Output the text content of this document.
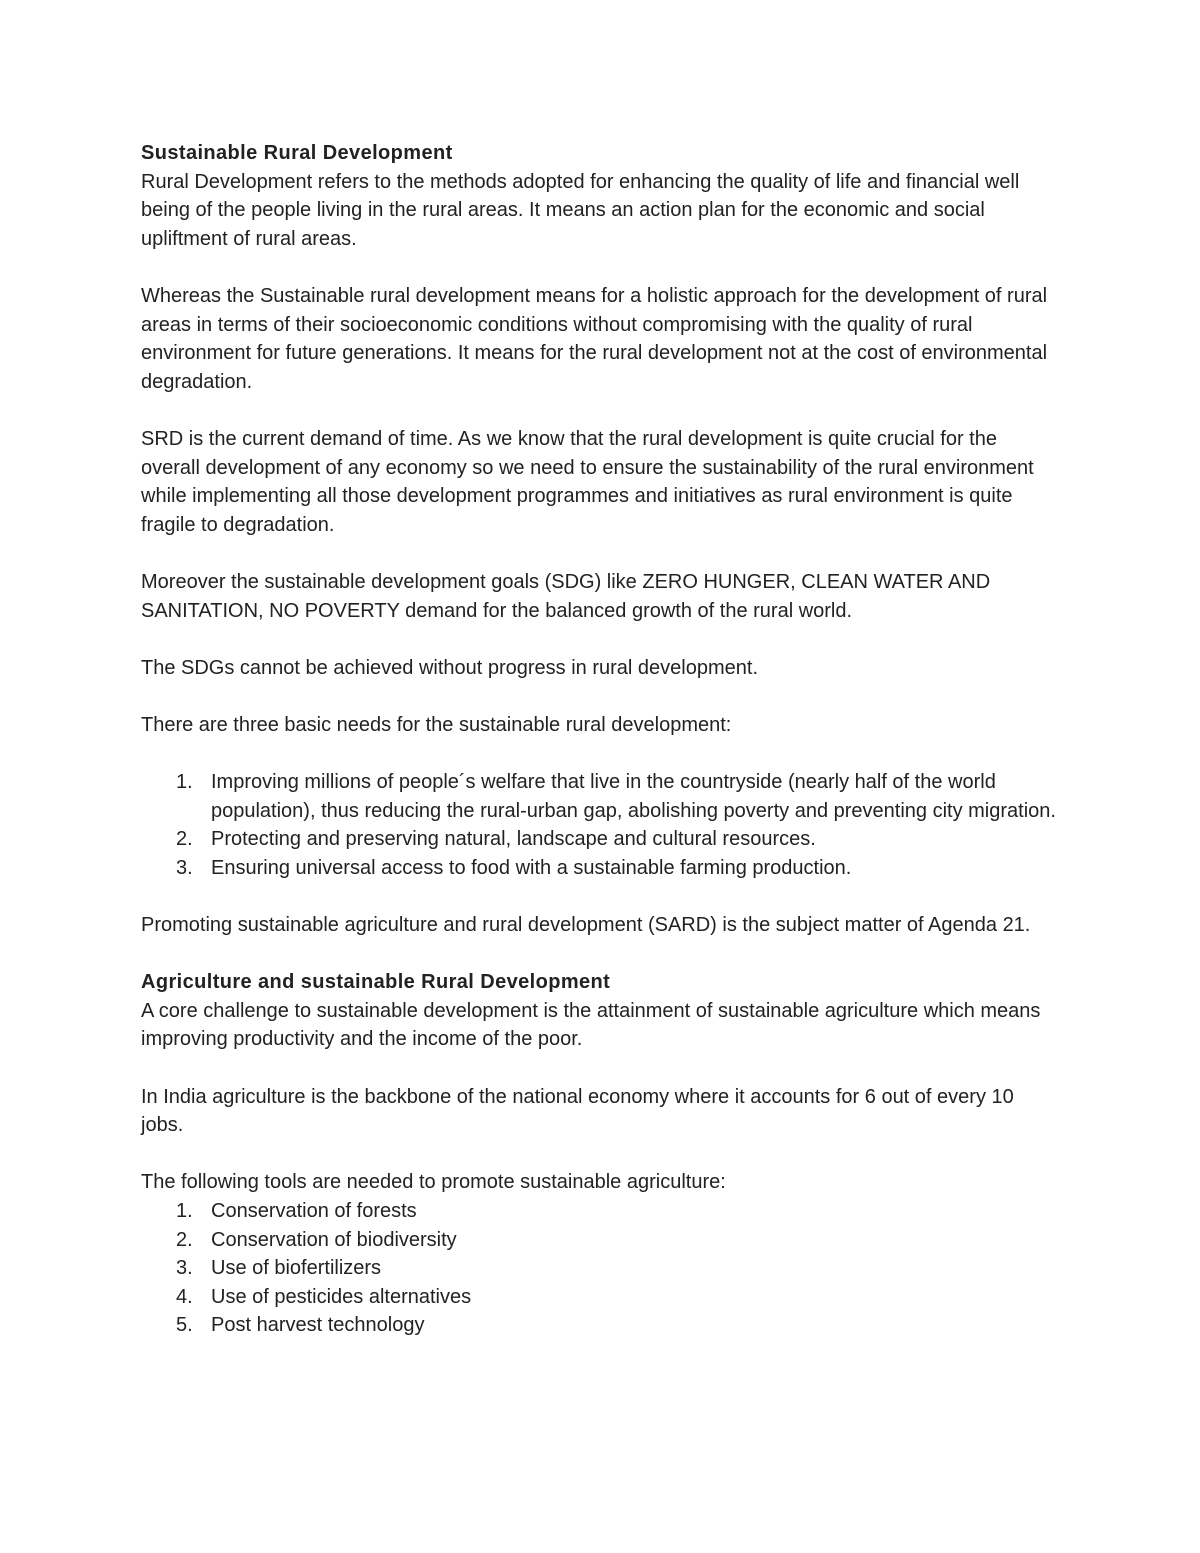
Sustainable Rural Development

Rural Development refers to the methods adopted for enhancing the quality of life and financial well being of the people living in the rural areas. It means an action plan for the economic and social upliftment of rural areas.

Whereas the Sustainable rural development means for a holistic approach for the development of rural areas in terms of their socioeconomic conditions without compromising with the quality of rural environment for future generations. It means for the rural development not at the cost of environmental degradation.

SRD is the current demand of time. As we know that the rural development is quite crucial for the overall development of any economy so we need to ensure the sustainability of the rural environment while implementing all those development programmes and initiatives as rural environment is quite fragile to degradation.

Moreover the sustainable development goals (SDG) like ZERO HUNGER, CLEAN WATER AND SANITATION, NO POVERTY demand for the balanced growth of the rural world.

The SDGs cannot be achieved without progress in rural development.

There are three basic needs for the sustainable rural development:

1. Improving millions of people´s welfare that live in the countryside (nearly half of the world population), thus reducing the rural-urban gap, abolishing poverty and preventing city migration.
2. Protecting and preserving natural, landscape and cultural resources.
3. Ensuring universal access to food with a sustainable farming production.

Promoting sustainable agriculture and rural development (SARD) is the subject matter of Agenda 21.

Agriculture and sustainable Rural Development

A core challenge to sustainable development is the attainment of sustainable agriculture which means improving productivity and the income of the poor.

In India agriculture is the backbone of the national economy where it accounts for 6 out of every 10 jobs.

The following tools are needed to promote sustainable agriculture:

1. Conservation of forests
2. Conservation of biodiversity
3. Use of biofertilizers
4. Use of pesticides alternatives
5. Post harvest technology
